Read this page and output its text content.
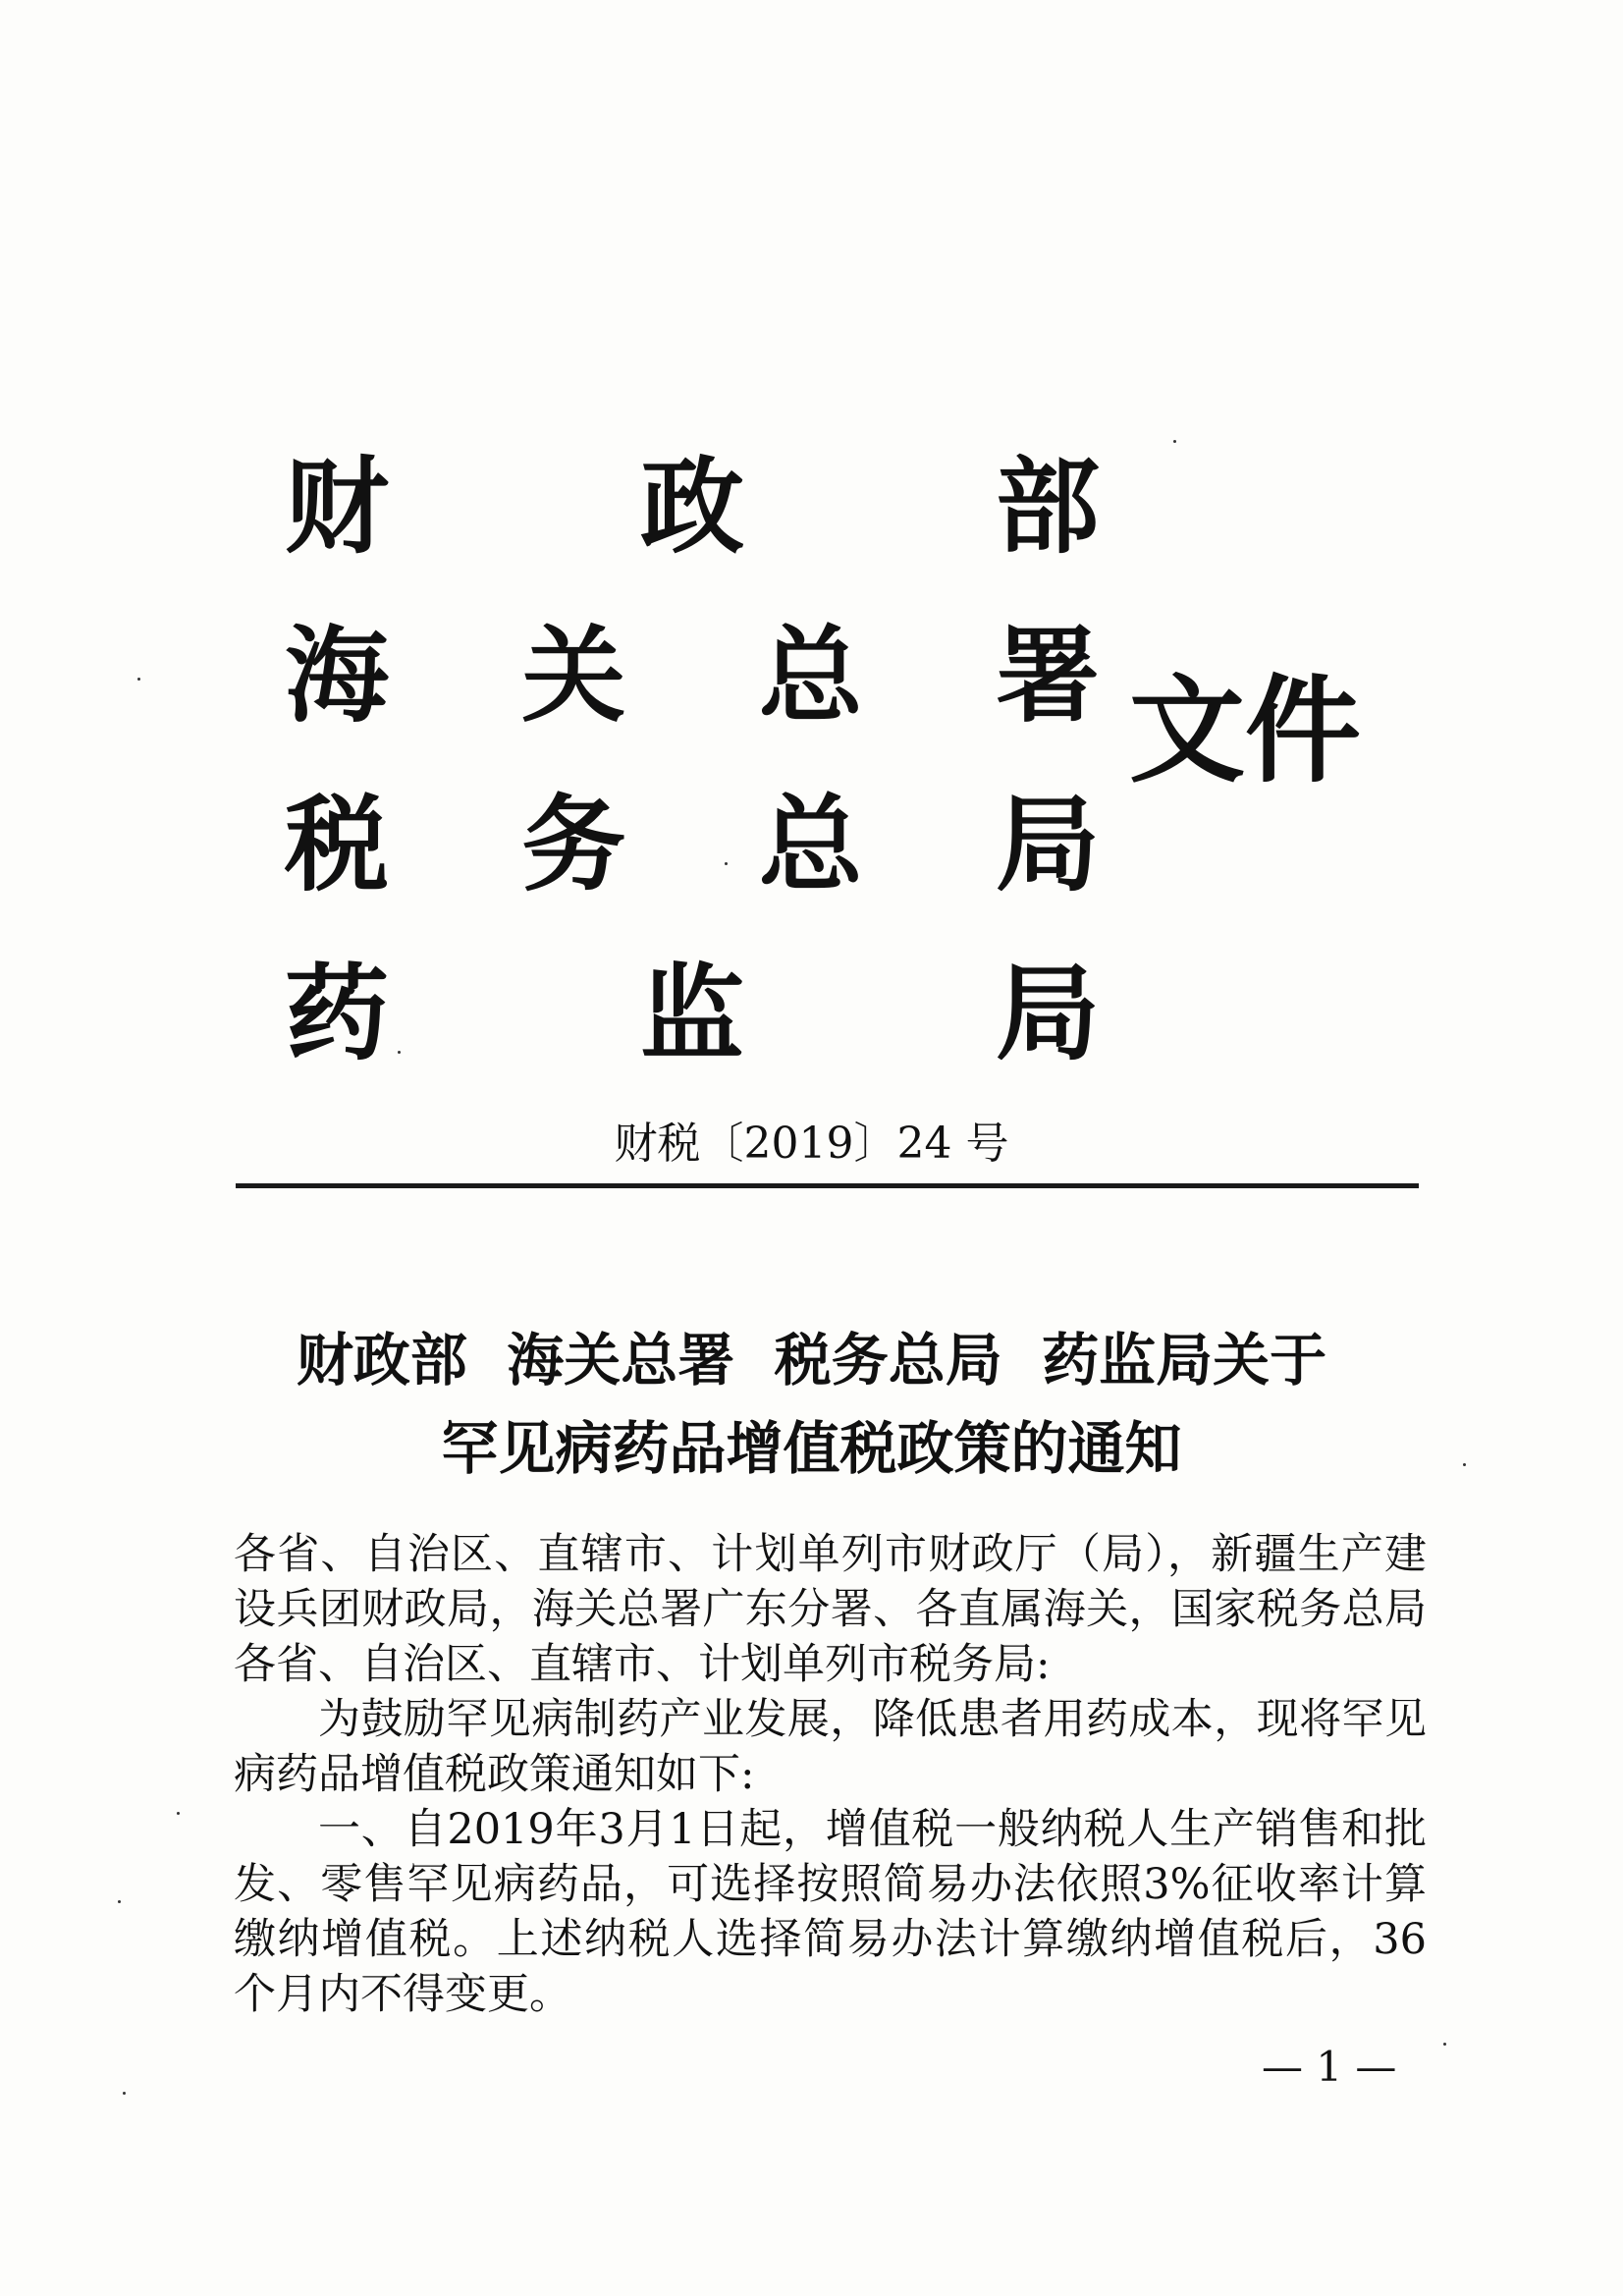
财 政 部
海 关 总 署
税 务 总 局
药 监 局
文件
财税〔2019〕24 号
财政部  海关总署  税务总局  药监局关于
罕见病药品增值税政策的通知

各省、自治区、直辖市、计划单列市财政厅（局），新疆生产建设兵团财政局，海关总署广东分署、各直属海关，国家税务总局各省、自治区、直辖市、计划单列市税务局:

为鼓励罕见病制药产业发展，降低患者用药成本，现将罕见病药品增值税政策通知如下:

一、自2019年3月1日起，增值税一般纳税人生产销售和批发、零售罕见病药品，可选择按照简易办法依照3%征收率计算缴纳增值税。上述纳税人选择简易办法计算缴纳增值税后，36个月内不得变更。

— 1 —
